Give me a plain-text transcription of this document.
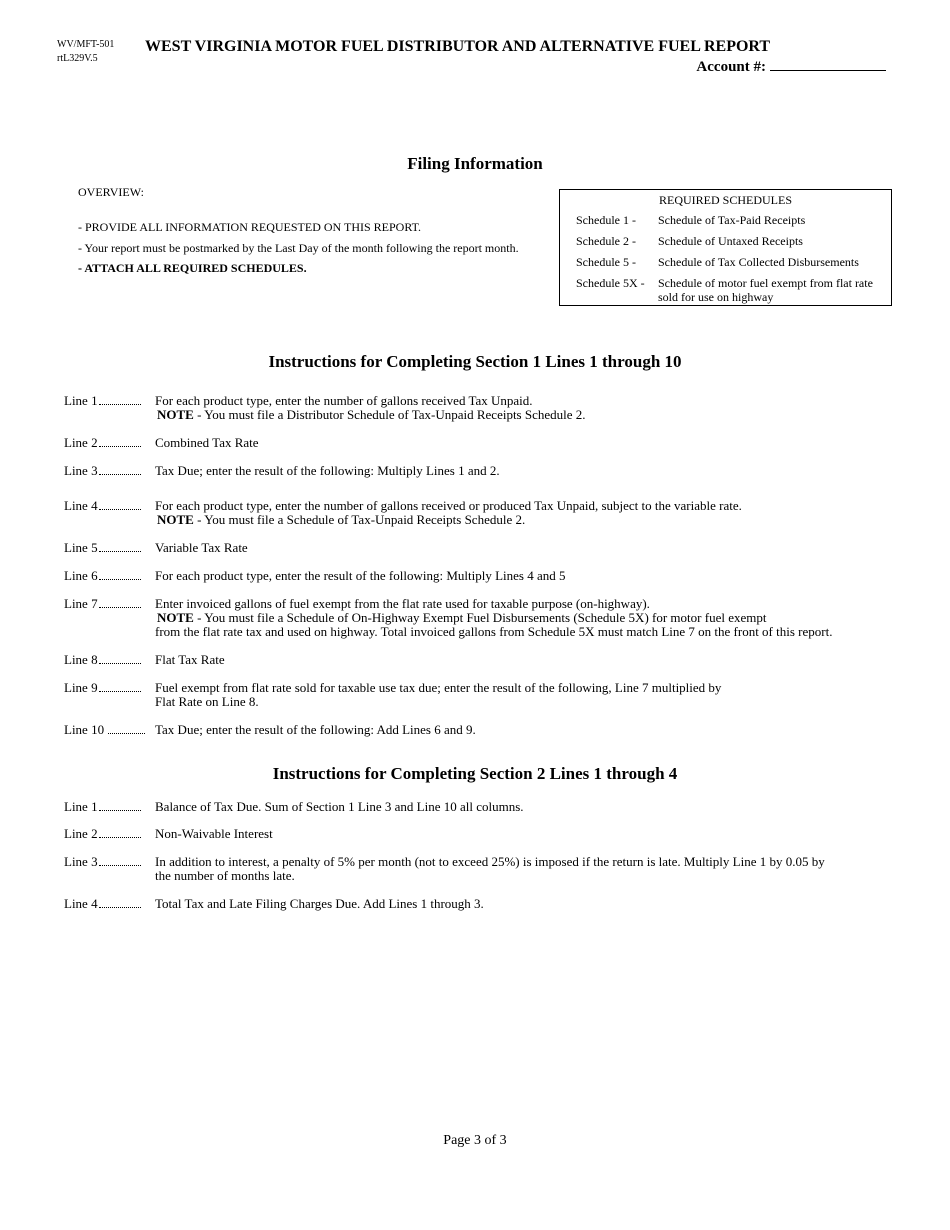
WV/MFT-501
rtL329V.5
WEST VIRGINIA MOTOR FUEL DISTRIBUTOR AND ALTERNATIVE FUEL REPORT
Account #:
Filing Information
OVERVIEW:
- PROVIDE ALL INFORMATION REQUESTED ON THIS REPORT.
- Your report must be postmarked by the Last Day of the month following the report month.
- ATTACH ALL REQUIRED SCHEDULES.
REQUIRED SCHEDULES
Schedule 1 - Schedule of Tax-Paid Receipts
Schedule 2 - Schedule of Untaxed Receipts
Schedule 5 - Schedule of Tax Collected Disbursements
Schedule 5X - Schedule of motor fuel exempt from flat rate sold for use on highway
Instructions for Completing Section 1 Lines 1 through 10
Line 1	For each product type, enter the number of gallons received Tax Unpaid.
NOTE - You must file a Distributor Schedule of Tax-Unpaid Receipts Schedule 2.
Line 2	Combined Tax Rate
Line 3	Tax Due; enter the result of the following: Multiply Lines 1 and 2.
Line 4	For each product type, enter the number of gallons received or produced Tax Unpaid, subject to the variable rate.
NOTE - You must file a Schedule of Tax-Unpaid Receipts Schedule 2.
Line 5	Variable Tax Rate
Line 6	For each product type, enter the result of the following: Multiply Lines 4 and 5
Line 7	Enter invoiced gallons of fuel exempt from the flat rate used for taxable purpose (on-highway).
NOTE - You must file a Schedule of On-Highway Exempt Fuel Disbursements (Schedule 5X) for motor fuel exempt
from the flat rate tax and used on highway. Total invoiced gallons from Schedule 5X must match Line 7 on the front of this report.
Line 8	Flat Tax Rate
Line 9	Fuel exempt from flat rate sold for taxable use tax due; enter the result of the following, Line 7 multiplied by
Flat Rate on Line 8.
Line 10	Tax Due; enter the result of the following: Add Lines 6 and 9.
Instructions for Completing Section 2 Lines 1 through 4
Line 1	Balance of Tax Due. Sum of Section 1 Line 3 and Line 10 all columns.
Line 2	Non-Waivable Interest
Line 3	In addition to interest, a penalty of 5% per month (not to exceed 25%) is imposed if the return is late. Multiply Line 1 by 0.05 by
the number of months late.
Line 4	Total Tax and Late Filing Charges Due. Add Lines 1 through 3.
Page 3 of 3
